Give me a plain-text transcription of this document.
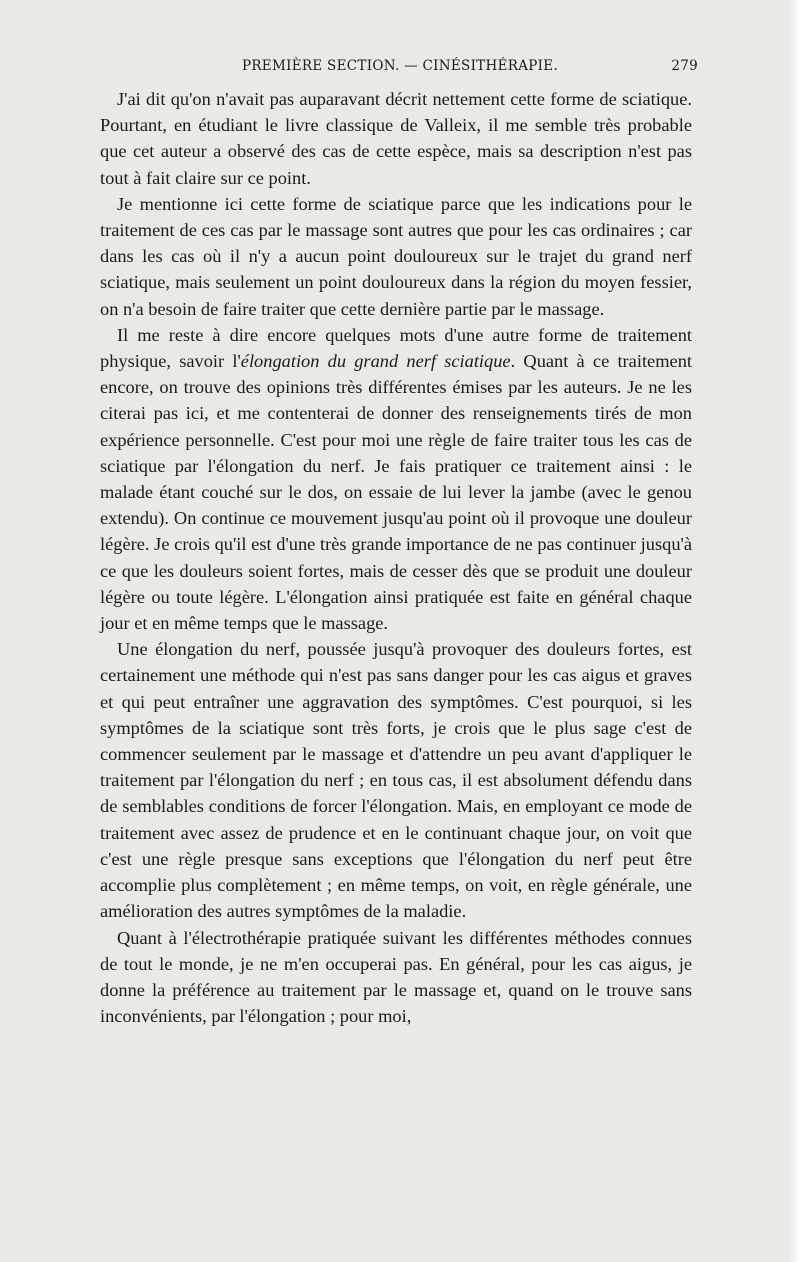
PREMIÈRE SECTION. — CINÉSITHÉRAPIE.	279

J'ai dit qu'on n'avait pas auparavant décrit nettement cette forme de sciatique. Pourtant, en étudiant le livre classique de Valleix, il me semble très probable que cet auteur a observé des cas de cette espèce, mais sa description n'est pas tout à fait claire sur ce point.

Je mentionne ici cette forme de sciatique parce que les indications pour le traitement de ces cas par le massage sont autres que pour les cas ordinaires ; car dans les cas où il n'y a aucun point douloureux sur le trajet du grand nerf sciatique, mais seulement un point douloureux dans la région du moyen fessier, on n'a besoin de faire traiter que cette dernière partie par le massage.

Il me reste à dire encore quelques mots d'une autre forme de traitement physique, savoir l'élongation du grand nerf sciatique. Quant à ce traitement encore, on trouve des opinions très différentes émises par les auteurs. Je ne les citerai pas ici, et me contenterai de donner des renseignements tirés de mon expérience personnelle. C'est pour moi une règle de faire traiter tous les cas de sciatique par l'élongation du nerf. Je fais pratiquer ce traitement ainsi : le malade étant couché sur le dos, on essaie de lui lever la jambe (avec le genou extendu). On continue ce mouvement jusqu'au point où il provoque une douleur légère. Je crois qu'il est d'une très grande importance de ne pas continuer jusqu'à ce que les douleurs soient fortes, mais de cesser dès que se produit une douleur légère ou toute légère. L'élongation ainsi pratiquée est faite en général chaque jour et en même temps que le massage.

Une élongation du nerf, poussée jusqu'à provoquer des douleurs fortes, est certainement une méthode qui n'est pas sans danger pour les cas aigus et graves et qui peut entraîner une aggravation des symptômes. C'est pourquoi, si les symptômes de la sciatique sont très forts, je crois que le plus sage c'est de commencer seulement par le massage et d'attendre un peu avant d'appliquer le traitement par l'élongation du nerf ; en tous cas, il est absolument défendu dans de semblables conditions de forcer l'élongation. Mais, en employant ce mode de traitement avec assez de prudence et en le continuant chaque jour, on voit que c'est une règle presque sans exceptions que l'élongation du nerf peut être accomplie plus complètement ; en même temps, on voit, en règle générale, une amélioration des autres symptômes de la maladie.

Quant à l'électrothérapie pratiquée suivant les différentes méthodes connues de tout le monde, je ne m'en occuperai pas. En général, pour les cas aigus, je donne la préférence au traitement par le massage et, quand on le trouve sans inconvénients, par l'élongation ; pour moi,
